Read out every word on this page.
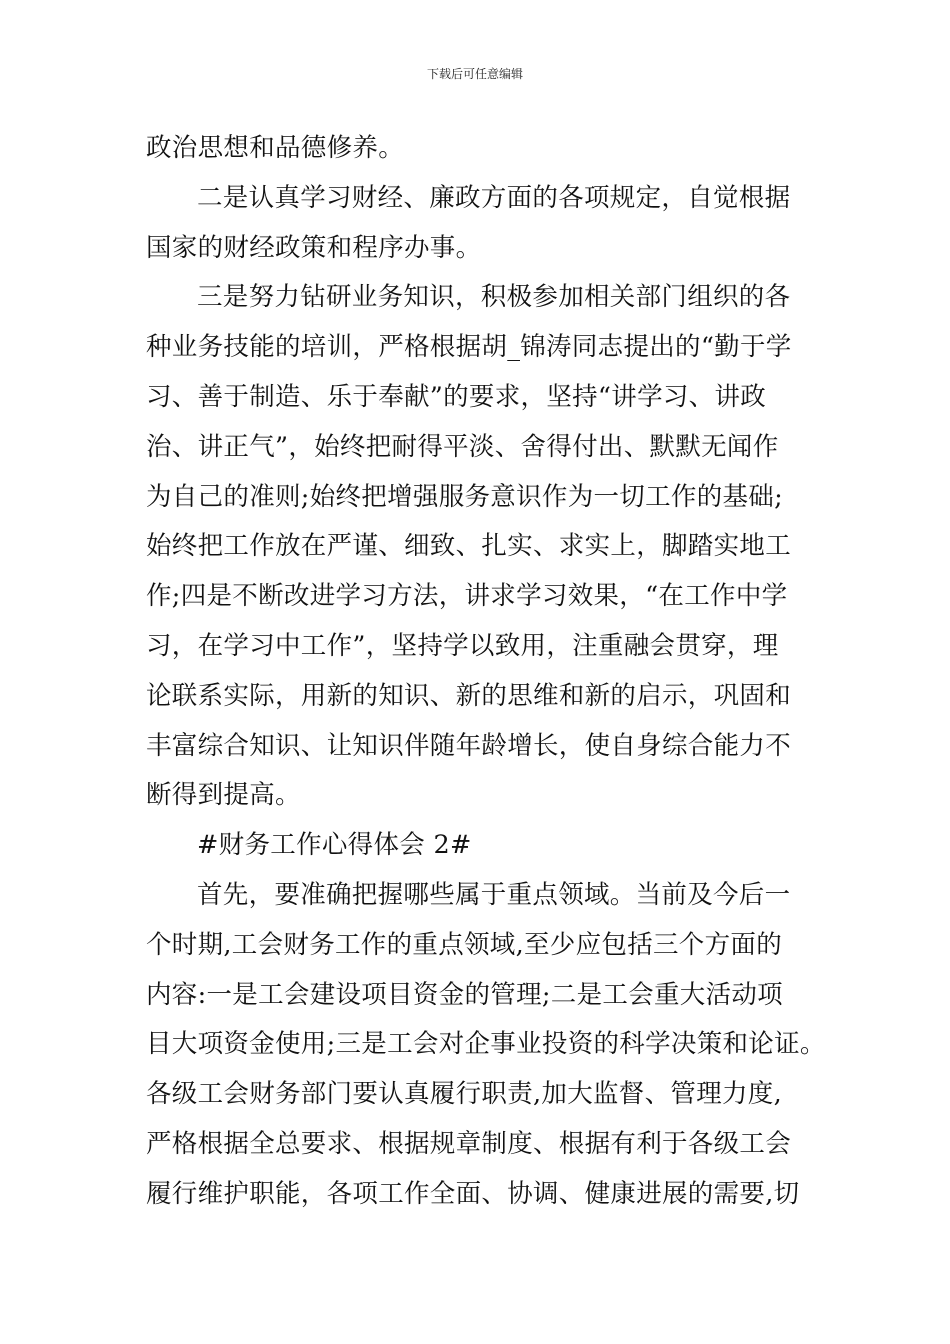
下载后可任意编辑
政治思想和品德修养。
二是认真学习财经、廉政方面的各项规定，自觉根据
国家的财经政策和程序办事。
三是努力钻研业务知识，积极参加相关部门组织的各
种业务技能的培训，严格根据胡_锦涛同志提出的“勤于学
习、善于制造、乐于奉献”的要求，坚持“讲学习、讲政
治、讲正气”，始终把耐得平淡、舍得付出、默默无闻作
为自己的准则;始终把增强服务意识作为一切工作的基础;
始终把工作放在严谨、细致、扎实、求实上，脚踏实地工
作;四是不断改进学习方法，讲求学习效果，“在工作中学
习，在学习中工作”，坚持学以致用，注重融会贯穿，理
论联系实际，用新的知识、新的思维和新的启示，巩固和
丰富综合知识、让知识伴随年龄增长，使自身综合能力不
断得到提高。
#财务工作心得体会 2#
首先，要准确把握哪些属于重点领域。当前及今后一
个时期,工会财务工作的重点领域,至少应包括三个方面的
内容:一是工会建设项目资金的管理;二是工会重大活动项
目大项资金使用;三是工会对企事业投资的科学决策和论证。
各级工会财务部门要认真履行职责,加大监督、管理力度,
严格根据全总要求、根据规章制度、根据有利于各级工会
履行维护职能，各项工作全面、协调、健康进展的需要,切
